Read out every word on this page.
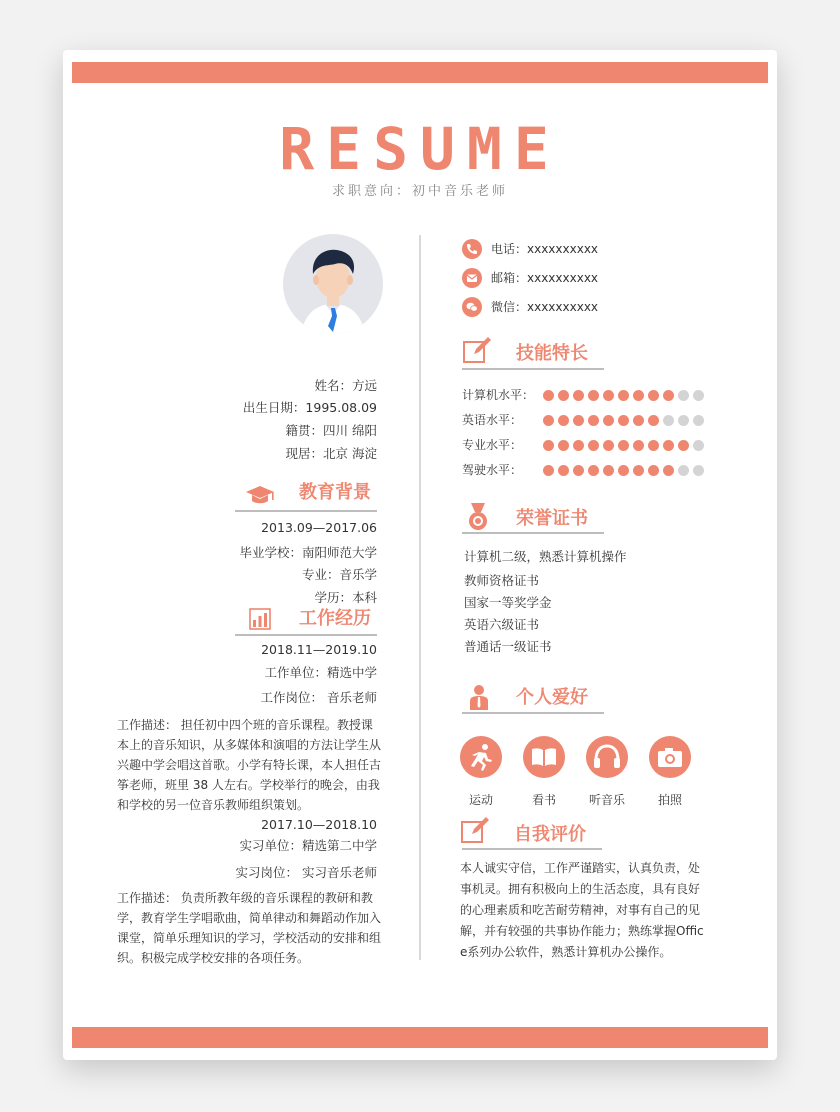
RESUME
求职意向：初中音乐老师
姓名：方远
出生日期：1995.08.09
籍贯：四川 绵阳
现居：北京 海淀
教育背景
2013.09—2017.06
毕业学校：南阳师范大学
专业：音乐学
学历：本科
工作经历
2018.11—2019.10
工作单位：精选中学
工作岗位： 音乐老师
工作描述： 担任初中四个班的音乐课程。教授课本上的音乐知识，从多媒体和演唱的方法让学生从兴趣中学会唱这首歌。小学有特长课，本人担任古筝老师，班里 38 人左右。学校举行的晚会，由我和学校的另一位音乐教师组织策划。
2017.10—2018.10
实习单位：精选第二中学
实习岗位： 实习音乐老师
工作描述： 负责所教年级的音乐课程的教研和教学，教育学生学唱歌曲，简单律动和舞蹈动作加入课堂，简单乐理知识的学习，学校活动的安排和组织。积极完成学校安排的各项任务。
电话：xxxxxxxxxx
邮箱：xxxxxxxxxx
微信：xxxxxxxxxx
技能特长
计算机水平：
英语水平：
专业水平：
驾驶水平：
荣誉证书
计算机二级，熟悉计算机操作
教师资格证书
国家一等奖学金
英语六级证书
普通话一级证书
个人爱好
运动	看书	听音乐	拍照
自我评价
本人诚实守信，工作严谨踏实，认真负责，处事机灵。拥有积极向上的生活态度，具有良好的心理素质和吃苦耐劳精神，对事有自己的见解，并有较强的共事协作能力；熟练掌握Office系列办公软件，熟悉计算机办公操作。
